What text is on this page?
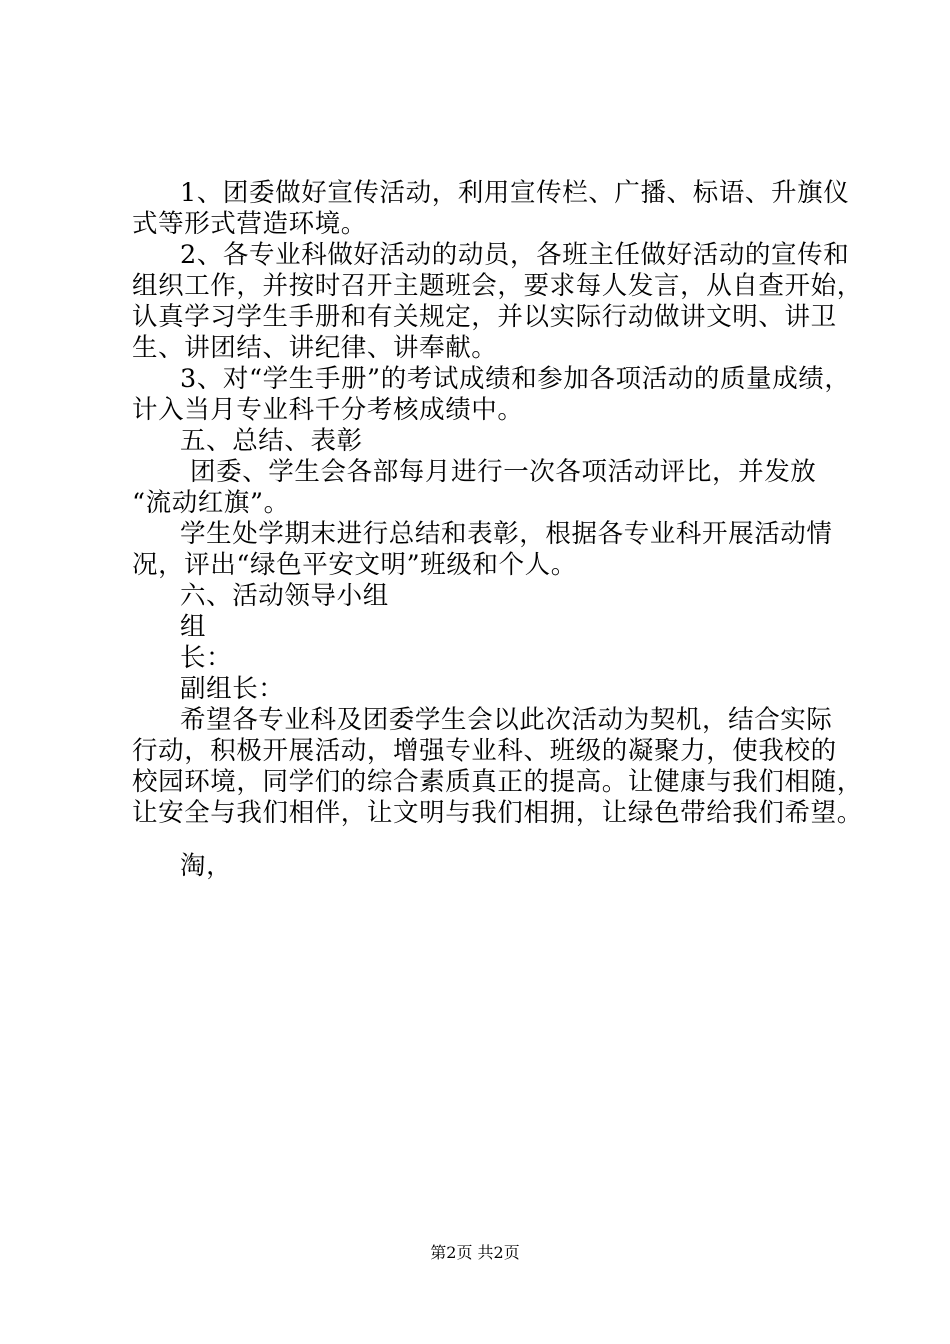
1、团委做好宣传活动，利用宣传栏、广播、标语、升旗仪
式等形式营造环境。
2、各专业科做好活动的动员，各班主任做好活动的宣传和
组织工作，并按时召开主题班会，要求每人发言，从自查开始，
认真学习学生手册和有关规定，并以实际行动做讲文明、讲卫
生、讲团结、讲纪律、讲奉献。
3、对“学生手册”的考试成绩和参加各项活动的质量成绩，
计入当月专业科千分考核成绩中。
五、总结、表彰
团委、学生会各部每月进行一次各项活动评比，并发放
“流动红旗”。
学生处学期末进行总结和表彰，根据各专业科开展活动情
况，评出“绿色平安文明”班级和个人。
六、活动领导小组
组
长：
副组长：
希望各专业科及团委学生会以此次活动为契机，结合实际
行动，积极开展活动，增强专业科、班级的凝聚力，使我校的
校园环境，同学们的综合素质真正的提高。让健康与我们相随，
让安全与我们相伴，让文明与我们相拥，让绿色带给我们希望。
淘，
第2页 共2页
